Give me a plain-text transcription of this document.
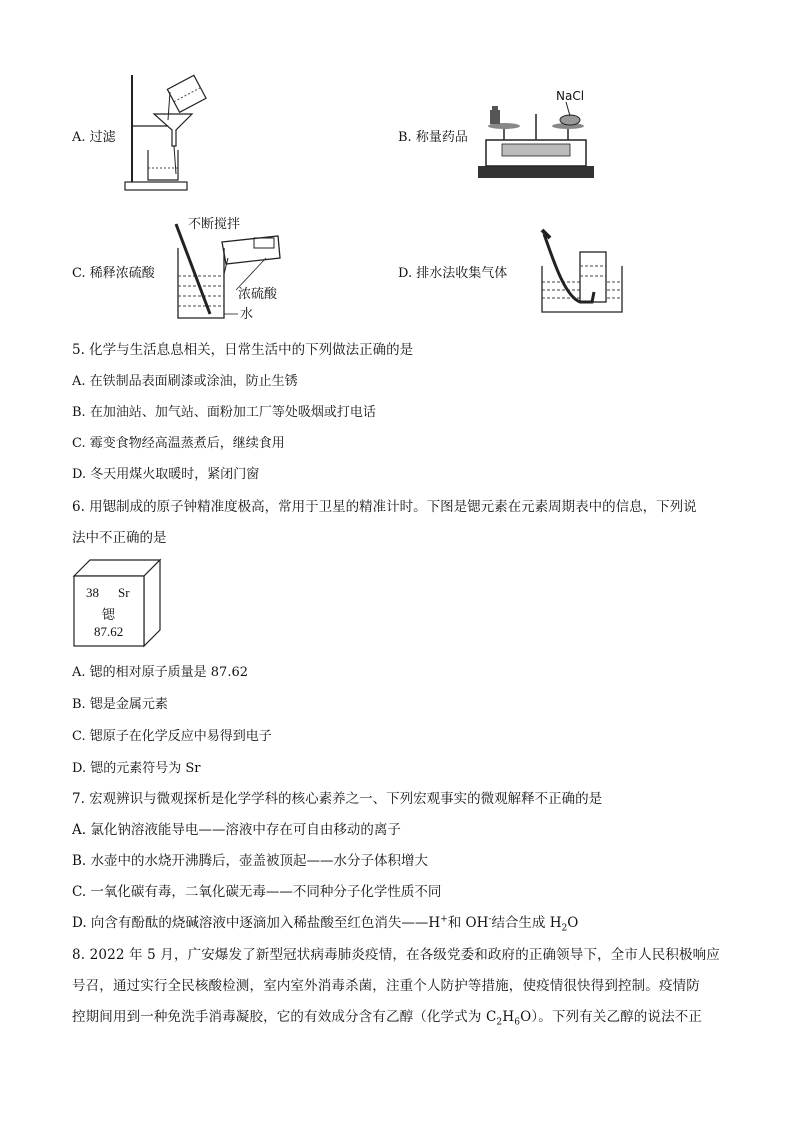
A. 过滤	B. 称量药品
NaCl
C. 稀释浓硫酸
不断搅拌
浓硫酸
水
D. 排水法收集气体
5. 化学与生活息息相关，日常生活中的下列做法正确的是
A. 在铁制品表面刷漆或涂油，防止生锈
B. 在加油站、加气站、面粉加工厂等处吸烟或打电话
C. 霉变食物经高温蒸煮后，继续食用
D. 冬天用煤火取暖时，紧闭门窗
6. 用锶制成的原子钟精准度极高，常用于卫星的精准计时。下图是锶元素在元素周期表中的信息，下列说
法中不正确的是
38 Sr
锶
87.62
A. 锶的相对原子质量是 87.62
B. 锶是金属元素
C. 锶原子在化学反应中易得到电子
D. 锶的元素符号为 Sr
7. 宏观辨识与微观探析是化学学科的核心素养之一、下列宏观事实的微观解释不正确的是
A. 氯化钠溶液能导电——溶液中存在可自由移动的离子
B. 水壶中的水烧开沸腾后，壶盖被顶起——水分子体积增大
C. 一氧化碳有毒，二氧化碳无毒——不同种分子化学性质不同
D. 向含有酚酞的烧碱溶液中逐滴加入稀盐酸至红色消失——H+和 OH-结合生成 $H_2O$
8. 2022 年 5 月，广安爆发了新型冠状病毒肺炎疫情，在各级党委和政府的正确领导下，全市人民积极响应
号召，通过实行全民核酸检测，室内室外消毒杀菌，注重个人防护等措施，使疫情很快得到控制。疫情防
控期间用到一种免洗手消毒凝胶，它的有效成分含有乙醇（化学式为 $C_2H_6O$）。下列有关乙醇的说法不正
